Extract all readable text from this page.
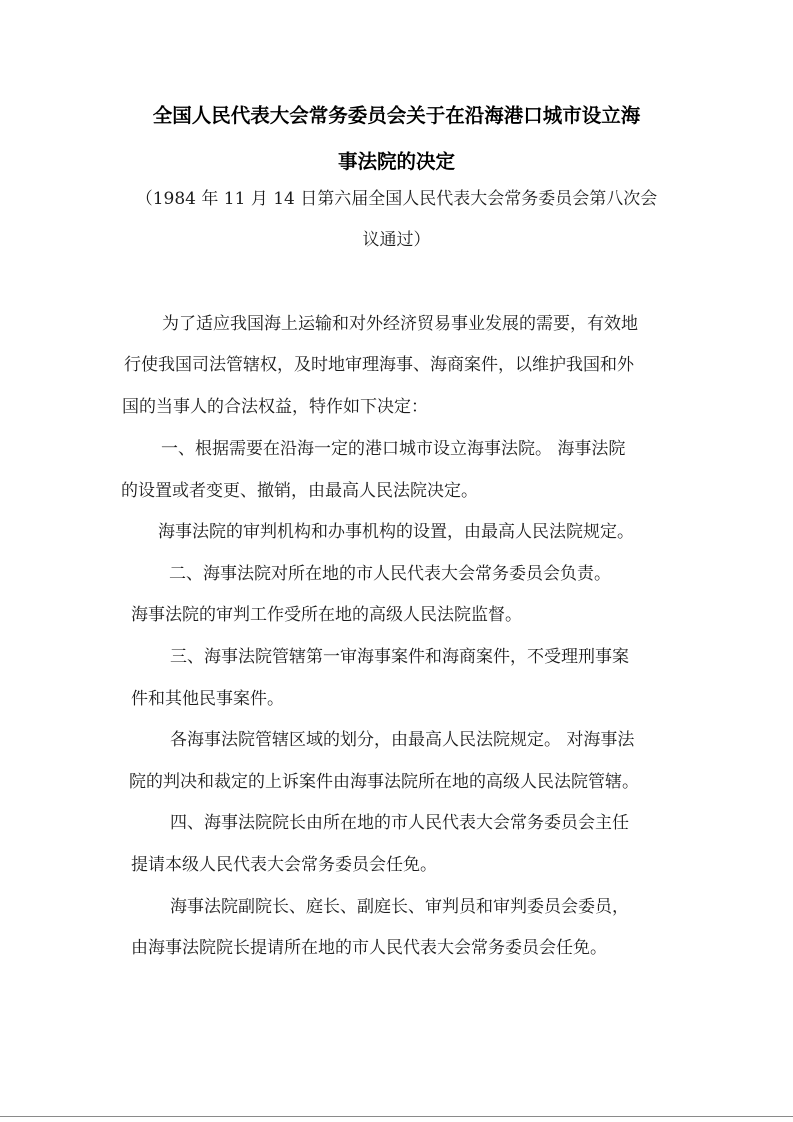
全国人民代表大会常务委员会关于在沿海港口城市设立海
事法院的决定
（1984 年 11 月 14 日第六届全国人民代表大会常务委员会第八次会
议通过）
为了适应我国海上运输和对外经济贸易事业发展的需要，有效地
行使我国司法管辖权，及时地审理海事、海商案件，以维护我国和外
国的当事人的合法权益，特作如下决定：
一、根据需要在沿海一定的港口城市设立海事法院。 海事法院
的设置或者变更、撤销，由最高人民法院决定。
海事法院的审判机构和办事机构的设置，由最高人民法院规定。
二、海事法院对所在地的市人民代表大会常务委员会负责。
海事法院的审判工作受所在地的高级人民法院监督。
三、海事法院管辖第一审海事案件和海商案件，不受理刑事案
件和其他民事案件。
各海事法院管辖区域的划分，由最高人民法院规定。 对海事法
院的判决和裁定的上诉案件由海事法院所在地的高级人民法院管辖。
四、海事法院院长由所在地的市人民代表大会常务委员会主任
提请本级人民代表大会常务委员会任免。
海事法院副院长、庭长、副庭长、审判员和审判委员会委员，
由海事法院院长提请所在地的市人民代表大会常务委员会任免。
